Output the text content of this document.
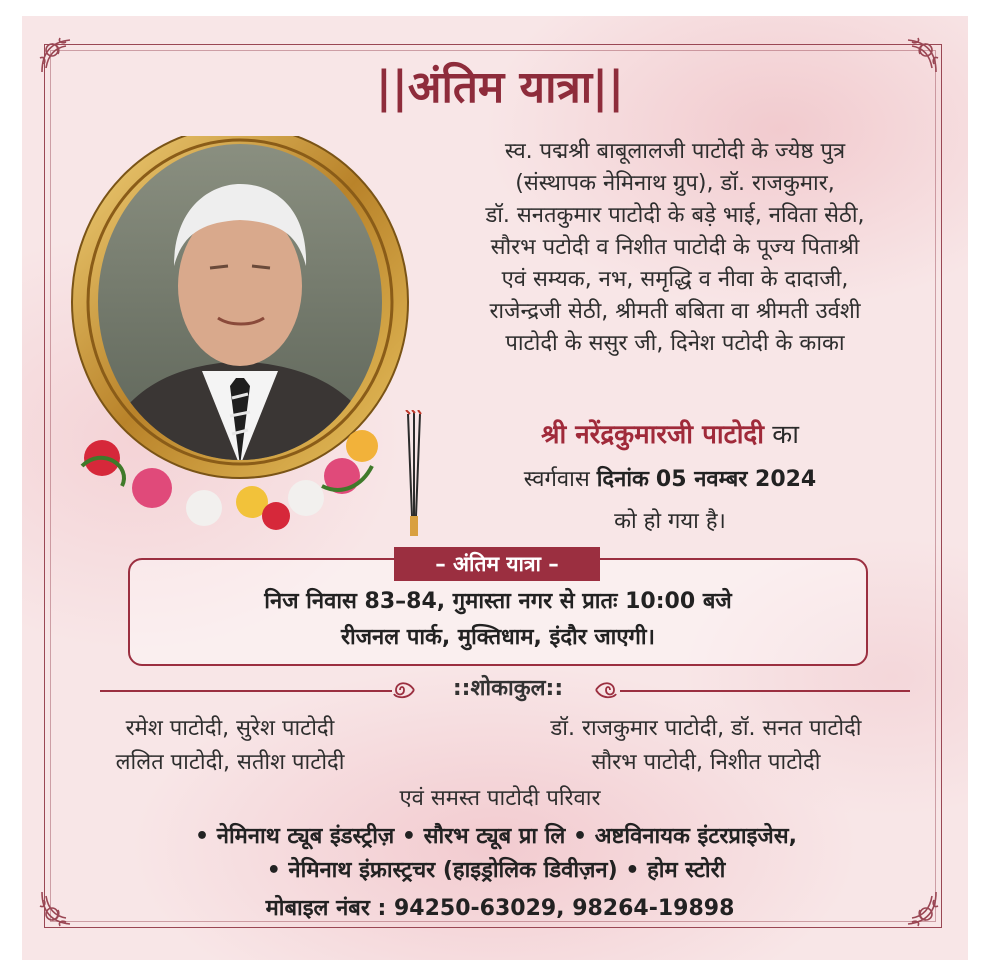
||अंतिम यात्रा||
स्व. पद्मश्री बाबूलालजी पाटोदी के ज्येष्ठ पुत्र
(संस्थापक नेमिनाथ ग्रुप), डॉ. राजकुमार,
डॉ. सनतकुमार पाटोदी के बड़े भाई, नविता सेठी,
सौरभ पटोदी व निशीत पाटोदी के पूज्य पिताश्री
एवं सम्यक, नभ, समृद्धि व नीवा के दादाजी,
राजेन्द्रजी सेठी, श्रीमती बबिता वा श्रीमती उर्वशी
पाटोदी के ससुर जी, दिनेश पटोदी के काका
श्री नरेंद्रकुमारजी पाटोदी का
स्वर्गवास दिनांक 05 नवम्बर 2024
को हो गया है।
– अंतिम यात्रा –
निज निवास 83–84, गुमास्ता नगर से प्रातः 10:00 बजे
रीजनल पार्क, मुक्तिधाम, इंदौर जाएगी।
::शोकाकुल::
रमेश पाटोदी, सुरेश पाटोदी
ललित पाटोदी, सतीश पाटोदी
डॉ. राजकुमार पाटोदी, डॉ. सनत पाटोदी
सौरभ पाटोदी, निशीत पाटोदी
एवं समस्त पाटोदी परिवार
• नेमिनाथ ट्यूब इंडस्ट्रीज़ • सौरभ ट्यूब प्रा लि • अष्टविनायक इंटरप्राइजेस,
• नेमिनाथ इंफ्रास्ट्रचर (हाइड्रोलिक डिवीज़न) • होम स्टोरी
मोबाइल नंबर : 94250-63029, 98264-19898
